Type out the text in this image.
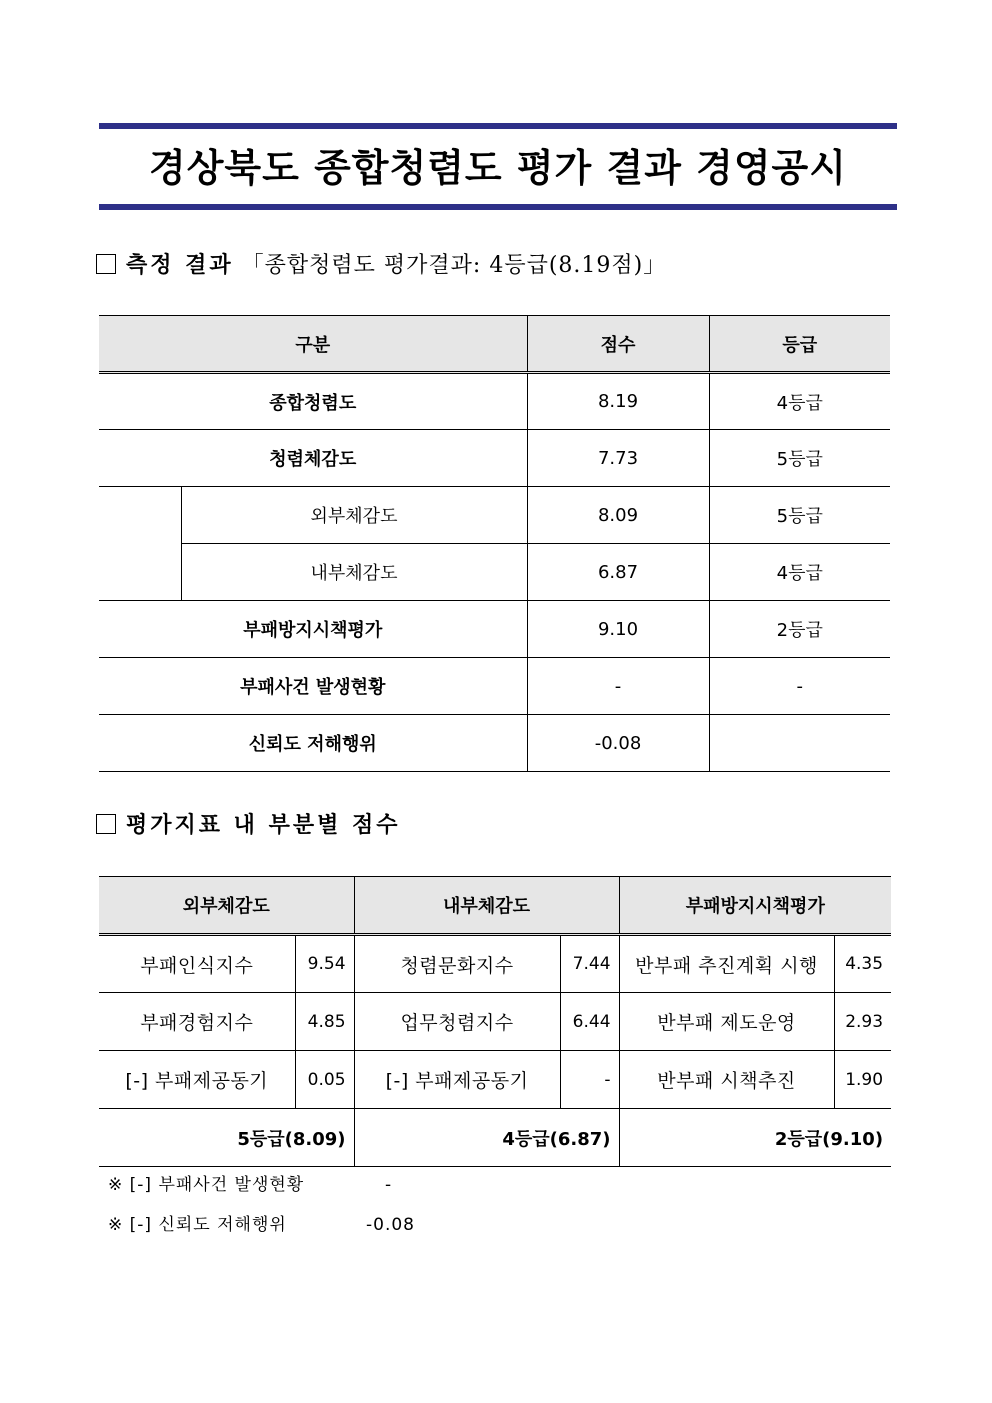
경상북도 종합청렴도 평가 결과 경영공시
측정 결과 「종합청렴도 평가결과: 4등급(8.19점)」
구분		점수	등급
종합청렴도		8.19	4등급
청렴체감도		7.73	5등급
	외부체감도	8.09	5등급
	내부체감도	6.87	4등급
부패방지시책평가		9.10	2등급
부패사건 발생현황		-	-
신뢰도 저해행위		-0.08	
평가지표 내 부분별 점수
외부체감도		내부체감도		부패방지시책평가	
부패인식지수	9.54	청렴문화지수	7.44	반부패 추진계획 시행	4.35
부패경험지수	4.85	업무청렴지수	6.44	반부패 제도운영	2.93
[-] 부패제공동기	0.05	[-] 부패제공동기	-	반부패 시책추진	1.90
5등급(8.09)		4등급(6.87)		2등급(9.10)	
※ [-] 부패사건 발생현황	-
※ [-] 신뢰도 저해행위	-0.08
